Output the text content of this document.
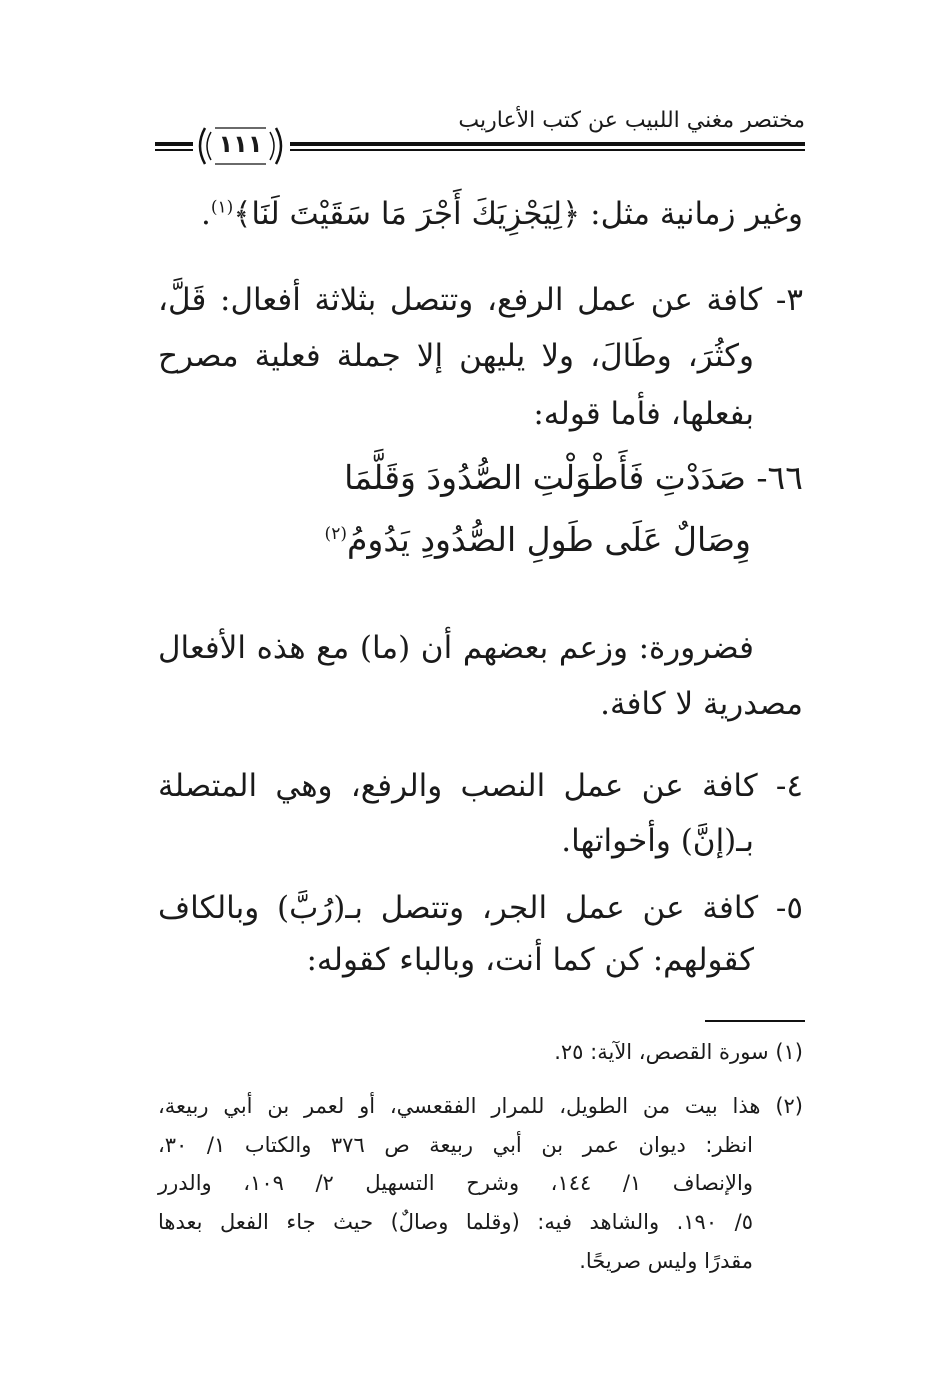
مختصر مغني اللبيب عن كتب الأعاريب
١١١
وغير زمانية مثل: ﴿لِيَجْزِيَكَ أَجْرَ مَا سَقَيْتَ لَنَا﴾$^{(١)}$.
٣- كافة عن عمل الرفع، وتتصل بثلاثة أفعال: قَلَّ،
وكثُرَ، وطَالَ، ولا يليهن إلا جملة فعلية مصرح
بفعلها، فأما قوله:
٦٦- صَدَدْتِ فَأَطْوَلْتِ الصُّدُودَ وَقَلَّمَا
وِصَالٌ عَلَى طَولِ الصُّدُودِ يَدُومُ$^{(٢)}$
فضرورة: وزعم بعضهم أن (ما) مع هذه الأفعال
مصدرية لا كافة.
٤- كافة عن عمل النصب والرفع، وهي المتصلة
بـ(إنَّ) وأخواتها.
٥- كافة عن عمل الجر، وتتصل بـ(رُبَّ) وبالكاف
كقولهم: كن كما أنت، وبالباء كقوله:
(١) سورة القصص، الآية: ٢٥.
(٢) هذا بيت من الطويل، للمرار الفقعسي، أو لعمر بن أبي ربيعة،
انظر: ديوان عمر بن أبي ربيعة ص ٣٧٦ والكتاب ١/ ٣٠،
والإنصاف ١/ ١٤٤، وشرح التسهيل ٢/ ١٠٩، والدرر
٥/ ١٩٠. والشاهد فيه: (وقلما وصالٌ) حيث جاء الفعل بعدها
مقدرًا وليس صريحًا.
